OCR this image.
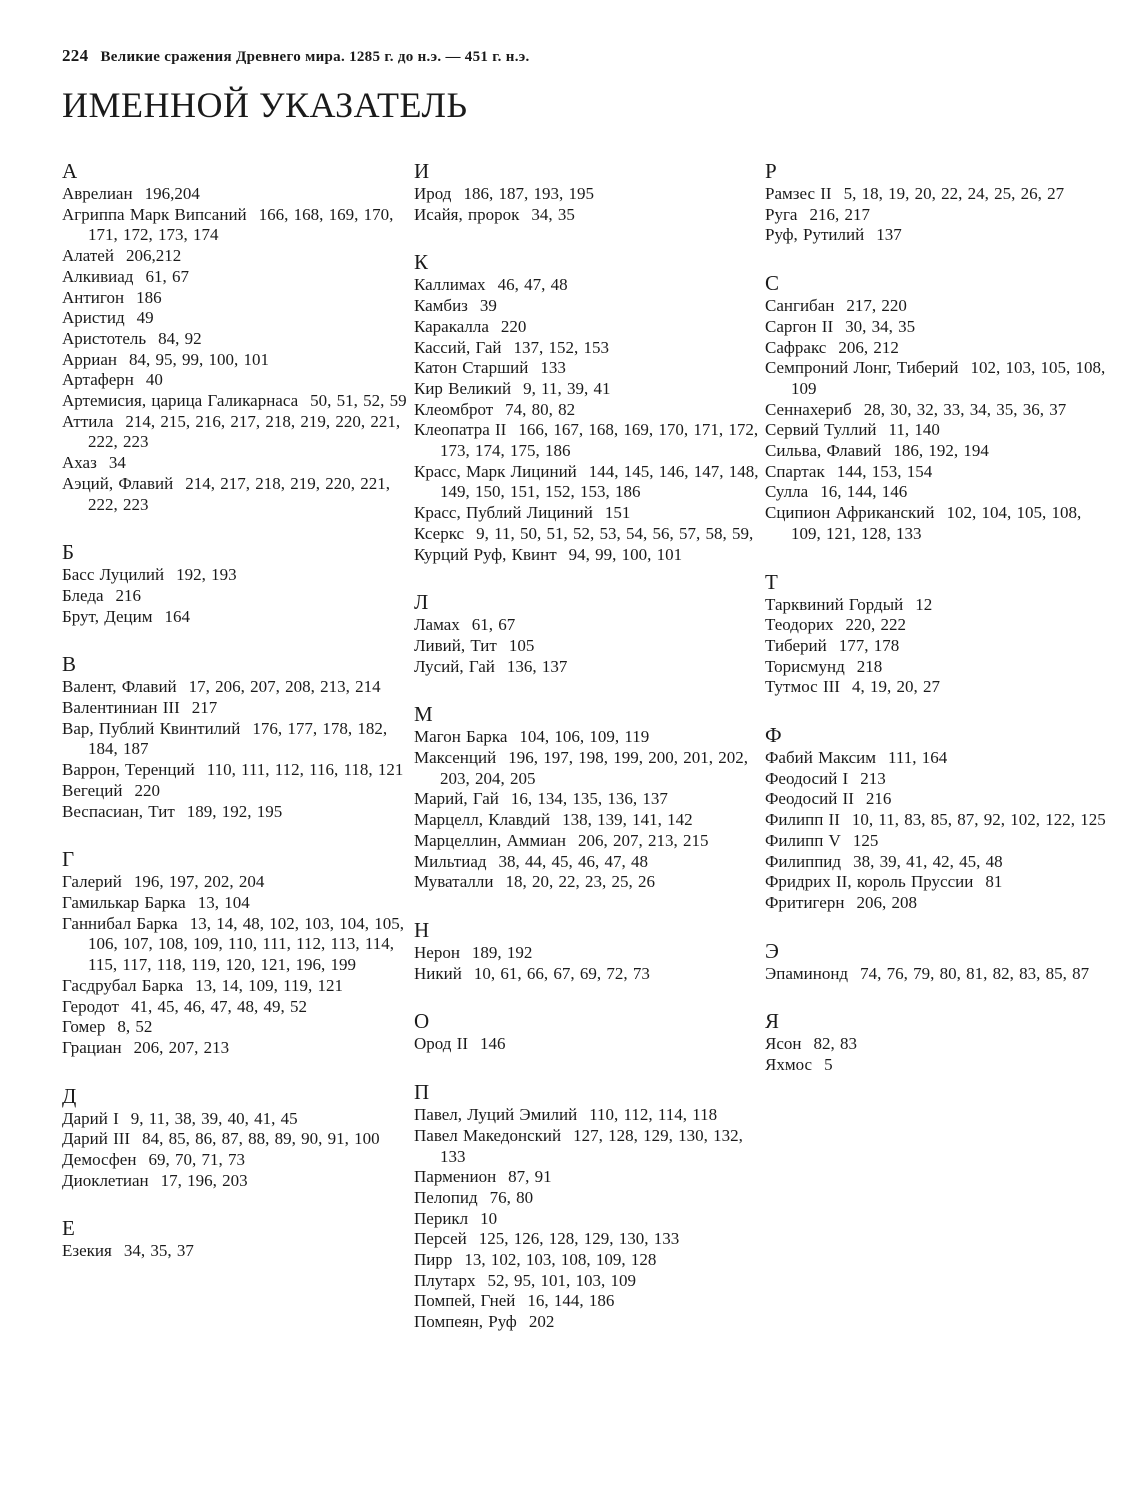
224 Великие сражения Древнего мира. 1285 г. до н.э. — 451 г. н.э.
ИМЕННОЙ УКАЗАТЕЛЬ
А
Аврелиан 196,204
Агриппа Марк Випсаний 166, 168, 169, 170, 171, 172, 173, 174
Алатей 206,212
Алкивиад 61, 67
Антигон 186
Аристид 49
Аристотель 84, 92
Арриан 84, 95, 99, 100, 101
Артаферн 40
Артемисия, царица Галикарнаса 50, 51, 52, 59
Аттила 214, 215, 216, 217, 218, 219, 220, 221, 222, 223
Ахаз 34
Аэций, Флавий 214, 217, 218, 219, 220, 221, 222, 223
Б
Басс Луцилий 192, 193
Бледа 216
Брут, Децим 164
В
Валент, Флавий 17, 206, 207, 208, 213, 214
Валентиниан III 217
Вар, Публий Квинтилий 176, 177, 178, 182, 184, 187
Варрон, Теренций 110, 111, 112, 116, 118, 121
Вегеций 220
Веспасиан, Тит 189, 192, 195
Г
Галерий 196, 197, 202, 204
Гамилькар Барка 13, 104
Ганнибал Барка 13, 14, 48, 102, 103, 104, 105, 106, 107, 108, 109, 110, 111, 112, 113, 114, 115, 117, 118, 119, 120, 121, 196, 199
Гасдрубал Барка 13, 14, 109, 119, 121
Геродот 41, 45, 46, 47, 48, 49, 52
Гомер 8, 52
Грациан 206, 207, 213
Д
Дарий I 9, 11, 38, 39, 40, 41, 45
Дарий III 84, 85, 86, 87, 88, 89, 90, 91, 100
Демосфен 69, 70, 71, 73
Диоклетиан 17, 196, 203
Е
Езекия 34, 35, 37
И
Ирод 186, 187, 193, 195
Исайя, пророк 34, 35
К
Каллимах 46, 47, 48
Камбиз 39
Каракалла 220
Кассий, Гай 137, 152, 153
Катон Старший 133
Кир Великий 9, 11, 39, 41
Клеомброт 74, 80, 82
Клеопатра II 166, 167, 168, 169, 170, 171, 172, 173, 174, 175, 186
Красс, Марк Лициний 144, 145, 146, 147, 148, 149, 150, 151, 152, 153, 186
Красс, Публий Лициний 151
Ксеркс 9, 11, 50, 51, 52, 53, 54, 56, 57, 58, 59,
Курций Руф, Квинт 94, 99, 100, 101
Л
Ламах 61, 67
Ливий, Тит 105
Лусий, Гай 136, 137
М
Магон Барка 104, 106, 109, 119
Максенций 196, 197, 198, 199, 200, 201, 202, 203, 204, 205
Марий, Гай 16, 134, 135, 136, 137
Марцелл, Клавдий 138, 139, 141, 142
Марцеллин, Аммиан 206, 207, 213, 215
Мильтиад 38, 44, 45, 46, 47, 48
Муваталли 18, 20, 22, 23, 25, 26
Н
Нерон 189, 192
Никий 10, 61, 66, 67, 69, 72, 73
О
Ород II 146
П
Павел, Луций Эмилий 110, 112, 114, 118
Павел Македонский 127, 128, 129, 130, 132, 133
Парменион 87, 91
Пелопид 76, 80
Перикл 10
Персей 125, 126, 128, 129, 130, 133
Пирр 13, 102, 103, 108, 109, 128
Плутарх 52, 95, 101, 103, 109
Помпей, Гней 16, 144, 186
Помпеян, Руф 202
Р
Рамзес II 5, 18, 19, 20, 22, 24, 25, 26, 27
Руга 216, 217
Руф, Рутилий 137
С
Сангибан 217, 220
Саргон II 30, 34, 35
Сафракс 206, 212
Семпроний Лонг, Тиберий 102, 103, 105, 108, 109
Сеннахериб 28, 30, 32, 33, 34, 35, 36, 37
Сервий Туллий 11, 140
Сильва, Флавий 186, 192, 194
Спартак 144, 153, 154
Сулла 16, 144, 146
Сципион Африканский 102, 104, 105, 108, 109, 121, 128, 133
Т
Тарквиний Гордый 12
Теодорих 220, 222
Тиберий 177, 178
Торисмунд 218
Тутмос III 4, 19, 20, 27
Ф
Фабий Максим 111, 164
Феодосий I 213
Феодосий II 216
Филипп II 10, 11, 83, 85, 87, 92, 102, 122, 125
Филипп V 125
Филиппид 38, 39, 41, 42, 45, 48
Фридрих II, король Пруссии 81
Фритигерн 206, 208
Э
Эпаминонд 74, 76, 79, 80, 81, 82, 83, 85, 87
Я
Ясон 82, 83
Яхмос 5
